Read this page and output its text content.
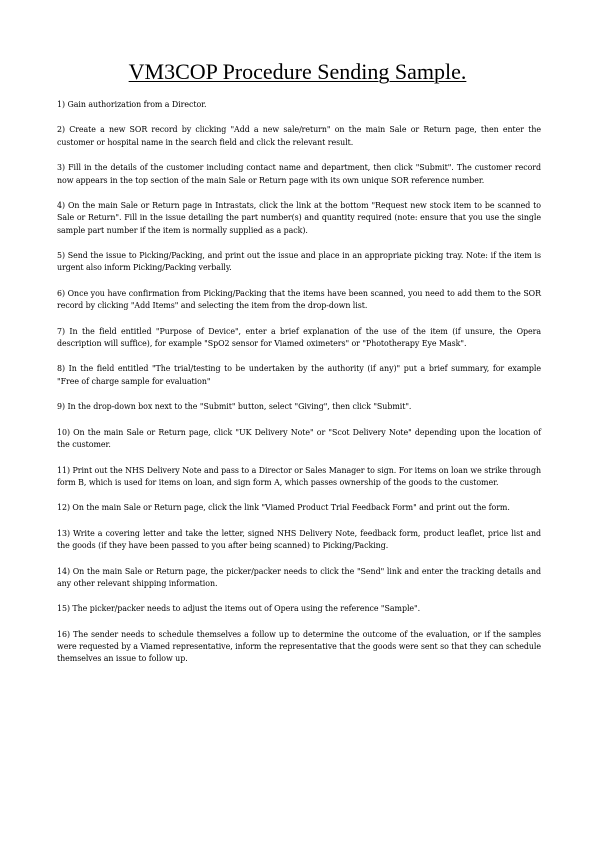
VM3COP Procedure Sending Sample.
1) Gain authorization from a Director.
2) Create a new SOR record by clicking "Add a new sale/return" on the main Sale or Return page, then enter the customer or hospital name in the search field and click the relevant result.
3) Fill in the details of the customer including contact name and department, then click "Submit". The customer record now appears in the top section of the main Sale or Return page with its own unique SOR reference number.
4) On the main Sale or Return page in Intrastats, click the link at the bottom "Request new stock item to be scanned to Sale or Return". Fill in the issue detailing the part number(s) and quantity required (note: ensure that you use the single sample part number if the item is normally supplied as a pack).
5) Send the issue to Picking/Packing, and print out the issue and place in an appropriate picking tray. Note: if the item is urgent also inform Picking/Packing verbally.
6) Once you have confirmation from Picking/Packing that the items have been scanned, you need to add them to the SOR record by clicking "Add Items" and selecting the item from the drop-down list.
7) In the field entitled "Purpose of Device", enter a brief explanation of the use of the item (if unsure, the Opera description will suffice), for example "SpO2 sensor for Viamed oximeters" or "Phototherapy Eye Mask".
8) In the field entitled "The trial/testing to be undertaken by the authority (if any)" put a brief summary, for example "Free of charge sample for evaluation"
9) In the drop-down box next to the "Submit" button, select "Giving", then click "Submit".
10) On the main Sale or Return page, click "UK Delivery Note" or "Scot Delivery Note" depending upon the location of the customer.
11) Print out the NHS Delivery Note and pass to a Director or Sales Manager to sign. For items on loan we strike through form B, which is used for items on loan, and sign form A, which passes ownership of the goods to the customer.
12) On the main Sale or Return page, click the link "Viamed Product Trial Feedback Form" and print out the form.
13) Write a covering letter and take the letter, signed NHS Delivery Note, feedback form, product leaflet, price list and the goods (if they have been passed to you after being scanned) to Picking/Packing.
14) On the main Sale or Return page, the picker/packer needs to click the "Send" link and enter the tracking details and any other relevant shipping information.
15) The picker/packer needs to adjust the items out of Opera using the reference "Sample".
16) The sender needs to schedule themselves a follow up to determine the outcome of the evaluation, or if the samples were requested by a Viamed representative, inform the representative that the goods were sent so that they can schedule themselves an issue to follow up.
